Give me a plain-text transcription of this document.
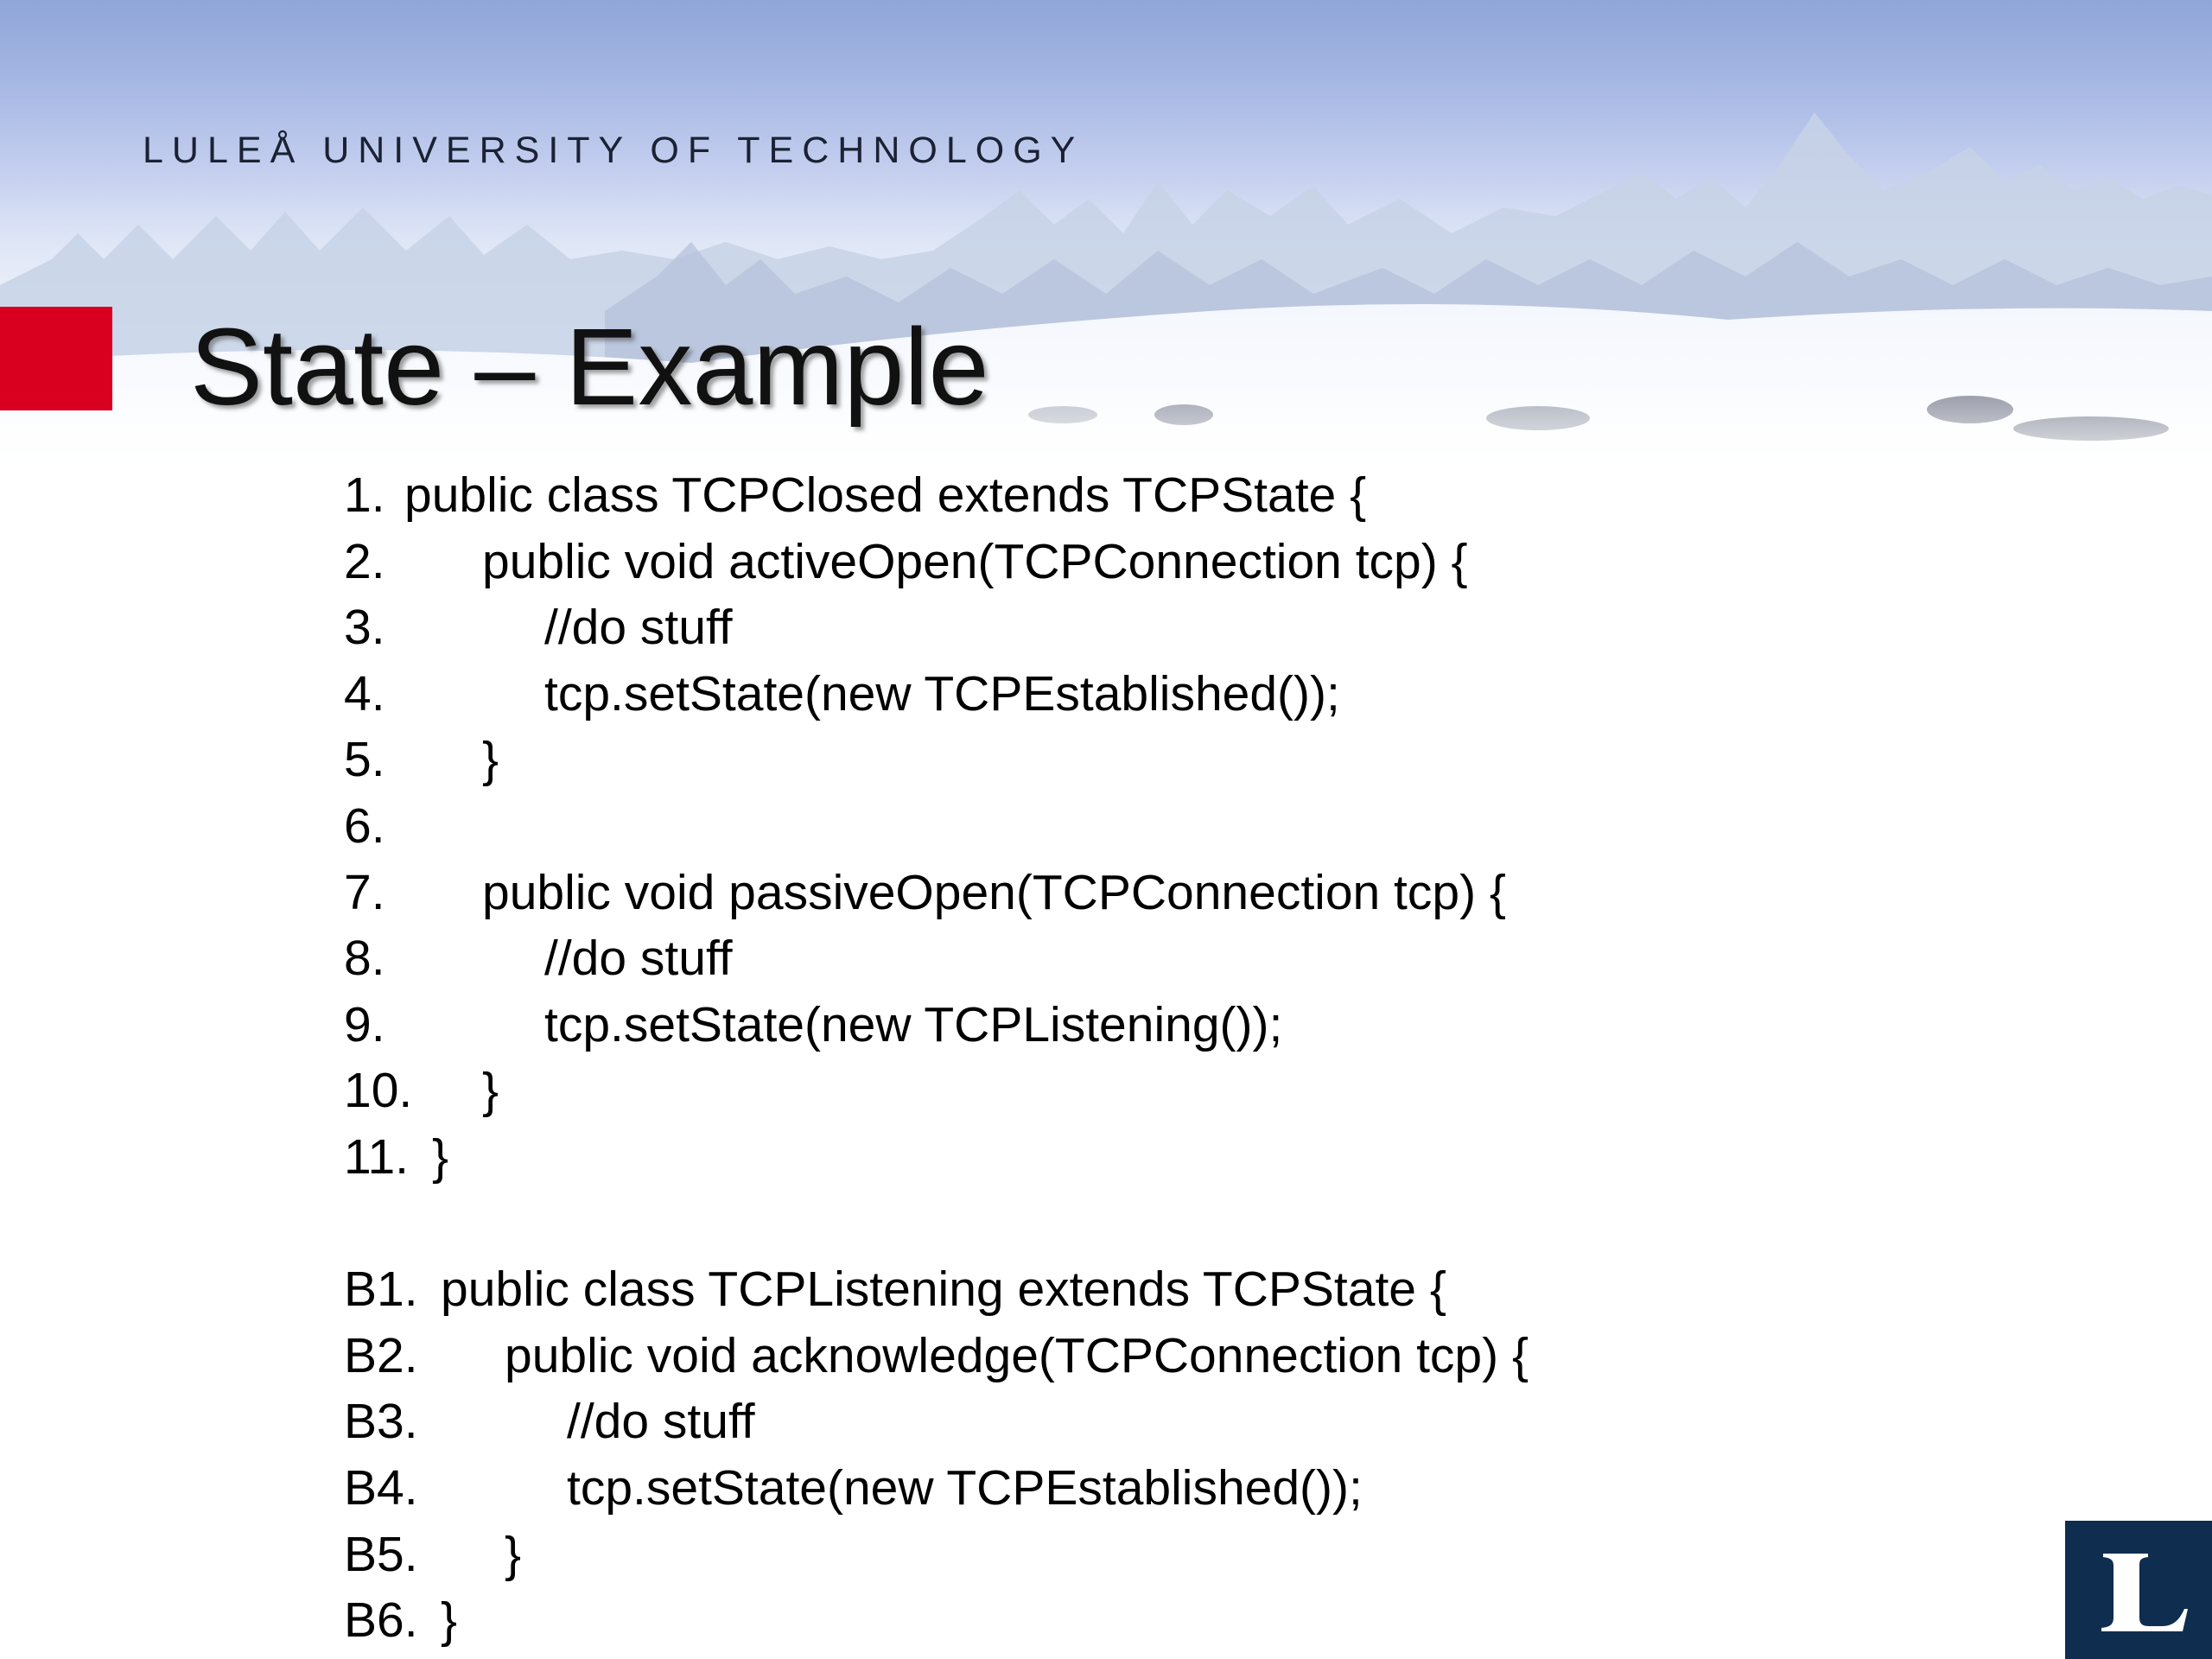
LULEÅ UNIVERSITY OF TECHNOLOGY
State – Example
1. public class TCPClosed extends TCPState {
2. public void activeOpen(TCPConnection tcp) {
3.	//do stuff
4.	tcp.setState(new TCPEstablished());
5. }
6.
7. public void passiveOpen(TCPConnection tcp) {
8.	//do stuff
9.	tcp.setState(new TCPListening());
10. }
11. }
B1. public class TCPListening extends TCPState {
B2. public void acknowledge(TCPConnection tcp) {
B3.	//do stuff
B4.	tcp.setState(new TCPEstablished());
B5. }
B6. }
